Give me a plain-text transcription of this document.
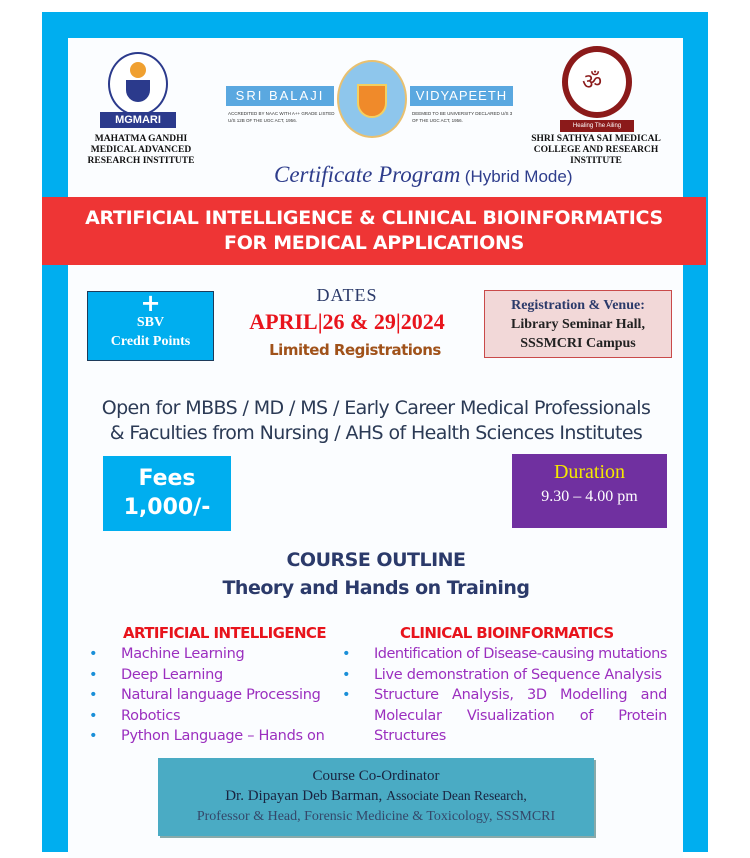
MGMARI
MAHATMA GANDHI MEDICAL ADVANCED RESEARCH INSTITUTE
SRI BALAJI
ACCREDITED BY NAAC WITH A++ GRADE LISTED U/S 12B OF THE UGC ACT, 1956.
VIDYAPEETH
DEEMED TO BE UNIVERSITY DECLARED U/S 3 OF THE UGC ACT, 1956.
ॐ
Healing The Ailing
SHRI SATHYA SAI MEDICAL COLLEGE AND RESEARCH INSTITUTE
Certificate Program (Hybrid Mode)
ARTIFICIAL INTELLIGENCE & CLINICAL BIOINFORMATICS
FOR MEDICAL APPLICATIONS
+
SBV
Credit Points
DATES
APRIL|26 & 29|2024
Limited Registrations
Registration & Venue:
Library Seminar Hall,
SSSMCRI Campus
Open for MBBS / MD / MS / Early Career Medical Professionals
& Faculties from Nursing / AHS of Health Sciences Institutes
Fees
1,000/-
Duration
9.30 – 4.00 pm
COURSE OUTLINE
Theory and Hands on Training
ARTIFICIAL INTELLIGENCE
• Machine Learning
• Deep Learning
• Natural language Processing
• Robotics
• Python Language – Hands on
CLINICAL BIOINFORMATICS
• Identification of Disease-causing mutations
• Live demonstration of Sequence Analysis
• Structure Analysis, 3D Modelling and Molecular Visualization of Protein Structures
Course Co-Ordinator
Dr. Dipayan Deb Barman, Associate Dean Research,
Professor & Head, Forensic Medicine & Toxicology, SSSMCRI
